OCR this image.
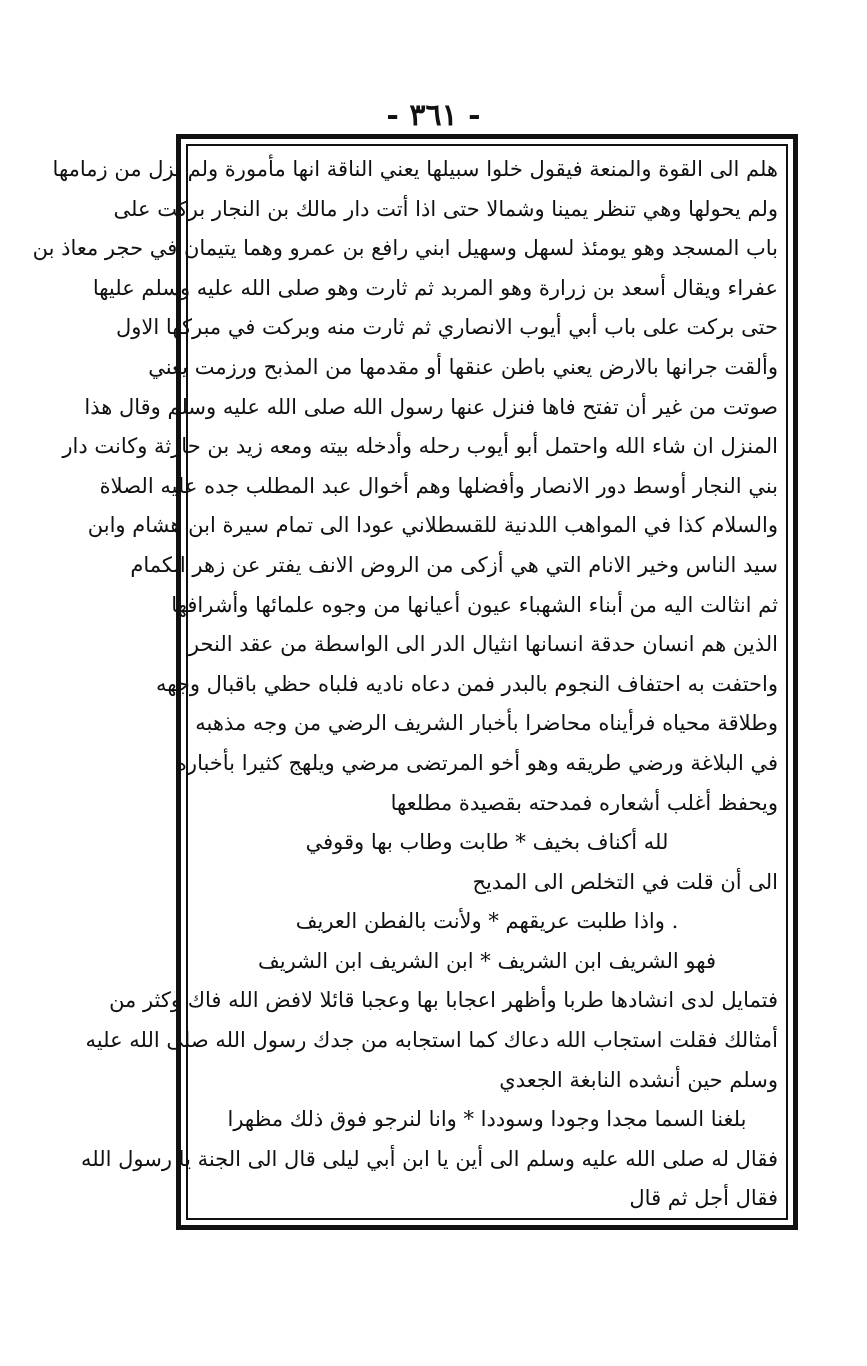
- ٣٦١ -
هلم الى القوة والمنعة فيقول خلوا سبيلها يعني الناقة انها مأمورة ولم يزل من زمامها
ولم يحولها وهي تنظر يمينا وشمالا حتى اذا أتت دار مالك بن النجار بركت على
باب المسجد وهو يومئذ لسهل وسهيل ابني رافع بن عمرو وهما يتيمان في حجر معاذ بن
عفراء ويقال أسعد بن زرارة وهو المربد ثم ثارت وهو صلى الله عليه وسلم عليها
حتى بركت على باب أبي أيوب الانصاري ثم ثارت منه وبركت في مبركها الاول
وألقت جرانها بالارض يعني باطن عنقها أو مقدمها من المذبح ورزمت يعني
صوتت من غير أن تفتح فاها فنزل عنها رسول الله صلى الله عليه وسلم وقال هذا
المنزل ان شاء الله واحتمل أبو أيوب رحله وأدخله بيته ومعه زيد بن حارثة وكانت دار
بني النجار أوسط دور الانصار وأفضلها وهم أخوال عبد المطلب جده عليه الصلاة
والسلام كذا في المواهب اللدنية للقسطلاني عودا الى تمام سيرة ابن هشام وابن
سيد الناس وخير الانام التي هي أزكى من الروض الانف يفتر عن زهر الكمام
ثم انثالت اليه من أبناء الشهباء عيون أعيانها من وجوه علمائها وأشرافها
الذين هم انسان حدقة انسانها انثيال الدر الى الواسطة من عقد النحر
واحتفت به احتفاف النجوم بالبدر فمن دعاه ناديه فلباه حظي باقبال وجهه
وطلاقة محياه فرأيناه محاضرا بأخبار الشريف الرضي من وجه مذهبه
في البلاغة ورضي طريقه وهو أخو المرتضى مرضي ويلهج كثيرا بأخباره
ويحفظ أغلب أشعاره فمدحته بقصيدة مطلعها
لله أكناف بخيف * طابت وطاب بها وقوفي
الى أن قلت في التخلص الى المديح
. واذا طلبت عريقهم * ولأنت بالفطن العريف
فهو الشريف ابن الشريف * ابن الشريف ابن الشريف
فتمايل لدى انشادها طربا وأظهر اعجابا بها وعجبا قائلا لافض الله فاك وكثر من
أمثالك فقلت استجاب الله دعاك كما استجابه من جدك رسول الله صلى الله عليه
وسلم حين أنشده النابغة الجعدي
بلغنا السما مجدا وجودا وسوددا * وانا لنرجو فوق ذلك مظهرا
فقال له صلى الله عليه وسلم الى أين يا ابن أبي ليلى قال الى الجنة يا رسول الله
فقال أجل ثم قال
